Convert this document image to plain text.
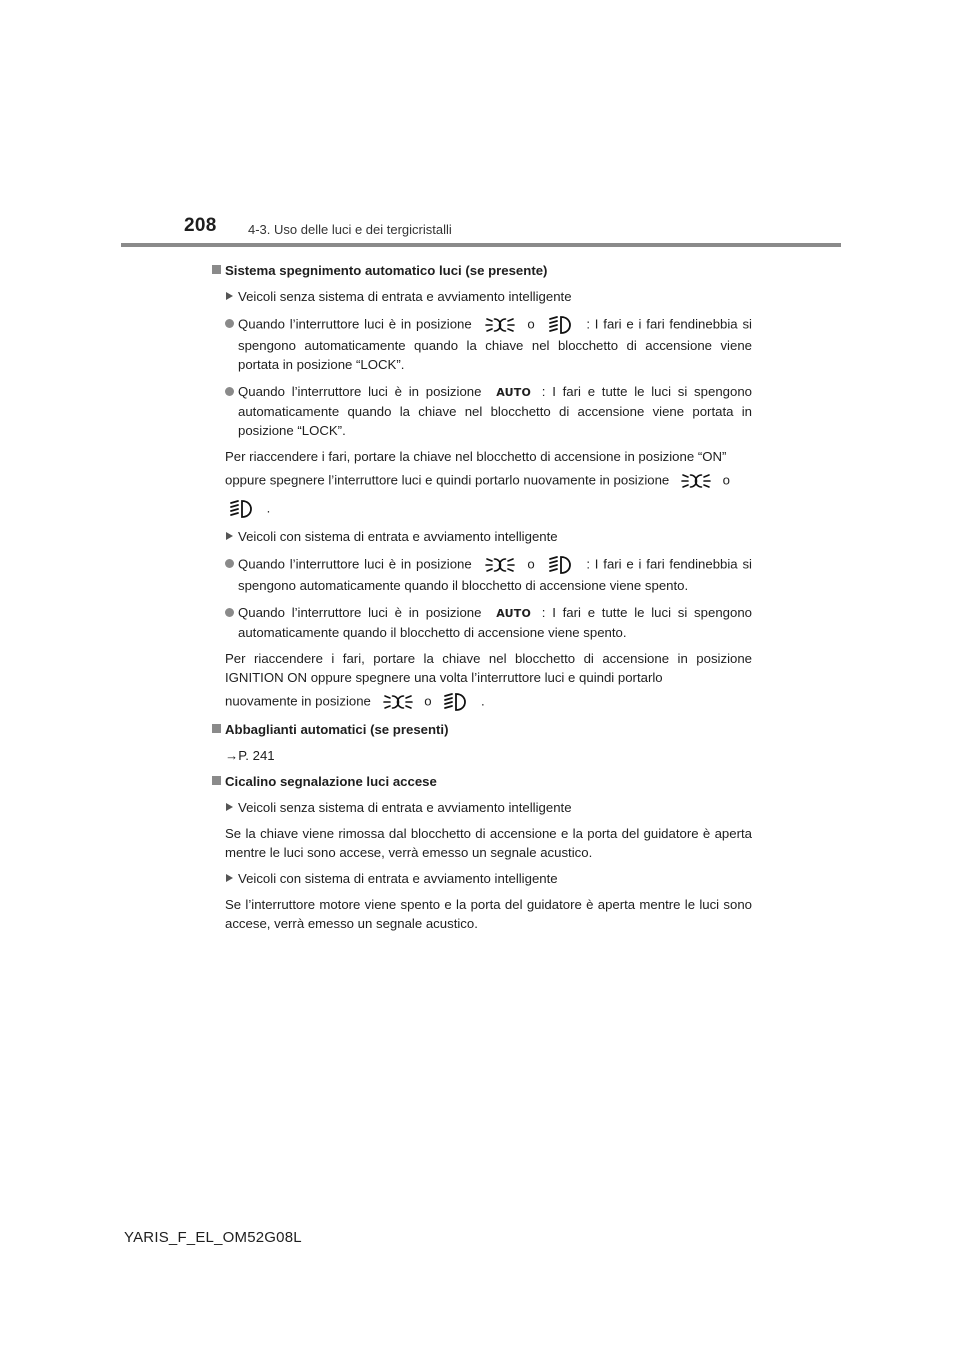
208 4-3. Uso delle luci e dei tergicristalli
Sistema spegnimento automatico luci (se presente)
Veicoli senza sistema di entrata e avviamento intelligente
Quando l’interruttore luci è in posizione	o	: I fari e i fari fendinebbia si spengono automaticamente quando la chiave nel blocchetto di accensione viene portata in posizione “LOCK”.
Quando l’interruttore luci è in posizione AUTO : I fari e tutte le luci si spengono automaticamente quando la chiave nel blocchetto di accensione viene portata in posizione “LOCK”.
Per riaccendere i fari, portare la chiave nel blocchetto di accensione in posizione “ON”
oppure spegnere l’interruttore luci e quindi portarlo nuovamente in posizione	o
.
Veicoli con sistema di entrata e avviamento intelligente
Quando l’interruttore luci è in posizione	o	: I fari e i fari fendinebbia si spengono automaticamente quando il blocchetto di accensione viene spento.
Quando l’interruttore luci è in posizione AUTO : I fari e tutte le luci si spengono automaticamente quando il blocchetto di accensione viene spento.
Per riaccendere i fari, portare la chiave nel blocchetto di accensione in posizione IGNITION ON oppure spegnere una volta l’interruttore luci e quindi portarlo
nuovamente in posizione	o	.
Abbaglianti automatici (se presenti)
→P. 241
Cicalino segnalazione luci accese
Veicoli senza sistema di entrata e avviamento intelligente
Se la chiave viene rimossa dal blocchetto di accensione e la porta del guidatore è aperta mentre le luci sono accese, verrà emesso un segnale acustico.
Veicoli con sistema di entrata e avviamento intelligente
Se l’interruttore motore viene spento e la porta del guidatore è aperta mentre le luci sono accese, verrà emesso un segnale acustico.
YARIS_F_EL_OM52G08L
